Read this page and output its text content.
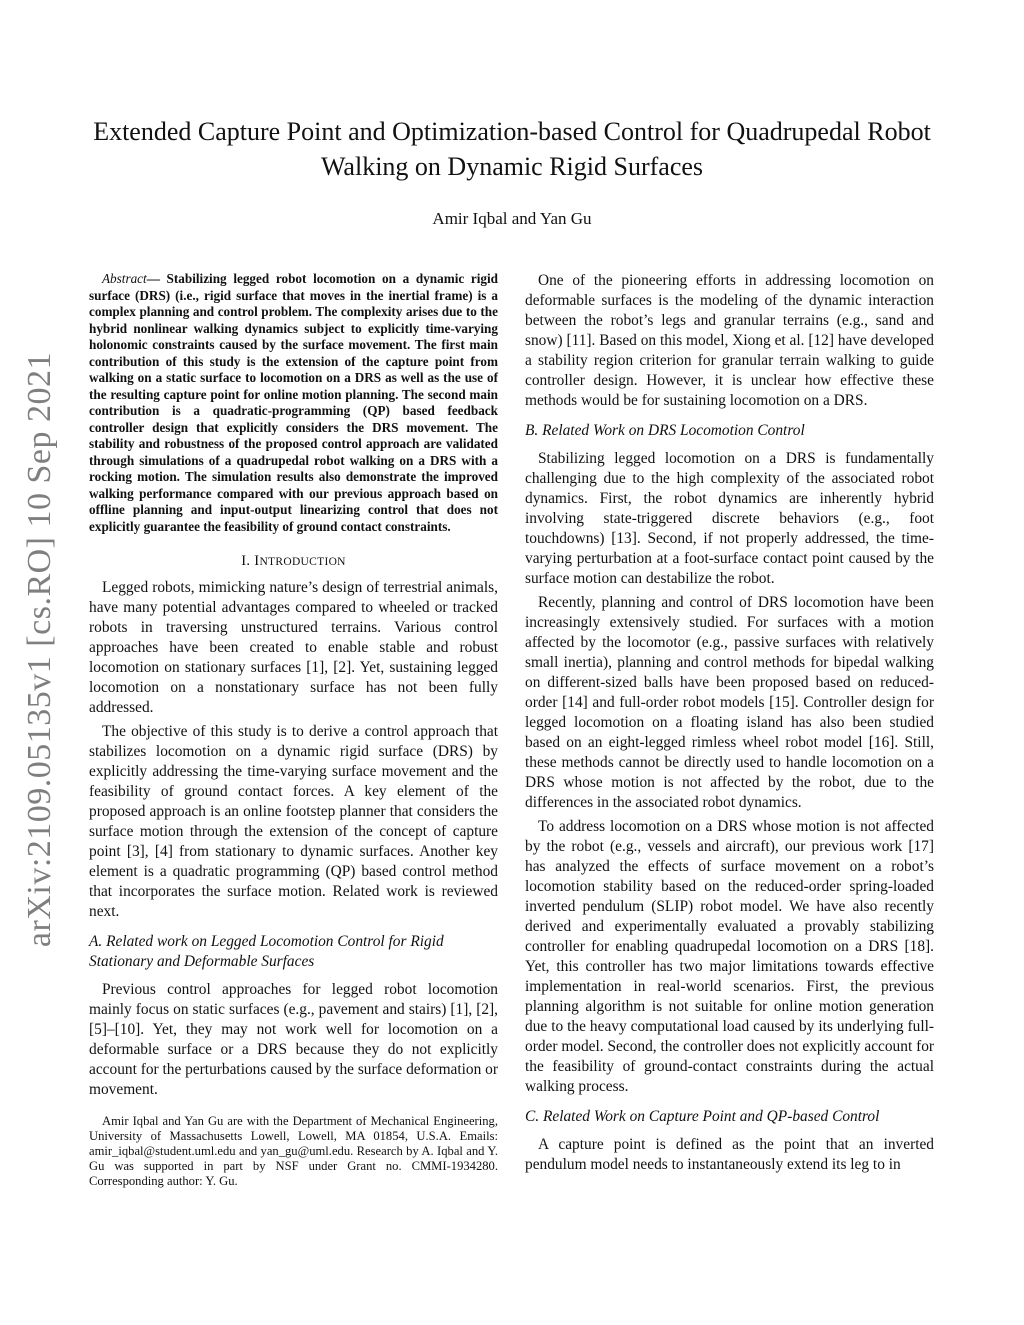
arXiv:2109.05135v1 [cs.RO] 10 Sep 2021
Extended Capture Point and Optimization-based Control for Quadrupedal Robot Walking on Dynamic Rigid Surfaces
Amir Iqbal and Yan Gu

Abstract— Stabilizing legged robot locomotion on a dynamic rigid surface (DRS) (i.e., rigid surface that moves in the inertial frame) is a complex planning and control problem. The complexity arises due to the hybrid nonlinear walking dynamics subject to explicitly time-varying holonomic constraints caused by the surface movement. The first main contribution of this study is the extension of the capture point from walking on a static surface to locomotion on a DRS as well as the use of the resulting capture point for online motion planning. The second main contribution is a quadratic-programming (QP) based feedback controller design that explicitly considers the DRS movement. The stability and robustness of the proposed control approach are validated through simulations of a quadrupedal robot walking on a DRS with a rocking motion. The simulation results also demonstrate the improved walking performance compared with our previous approach based on offline planning and input-output linearizing control that does not explicitly guarantee the feasibility of ground contact constraints.

I. INTRODUCTION

Legged robots, mimicking nature’s design of terrestrial animals, have many potential advantages compared to wheeled or tracked robots in traversing unstructured terrains. Various control approaches have been created to enable stable and robust locomotion on stationary surfaces [1], [2]. Yet, sustaining legged locomotion on a nonstationary surface has not been fully addressed.

The objective of this study is to derive a control approach that stabilizes locomotion on a dynamic rigid surface (DRS) by explicitly addressing the time-varying surface movement and the feasibility of ground contact forces. A key element of the proposed approach is an online footstep planner that considers the surface motion through the extension of the concept of capture point [3], [4] from stationary to dynamic surfaces. Another key element is a quadratic programming (QP) based control method that incorporates the surface motion. Related work is reviewed next.

A. Related work on Legged Locomotion Control for Rigid Stationary and Deformable Surfaces

Previous control approaches for legged robot locomotion mainly focus on static surfaces (e.g., pavement and stairs) [1], [2], [5]–[10]. Yet, they may not work well for locomotion on a deformable surface or a DRS because they do not explicitly account for the perturbations caused by the surface deformation or movement.

Amir Iqbal and Yan Gu are with the Department of Mechanical Engineering, University of Massachusetts Lowell, Lowell, MA 01854, U.S.A. Emails: amir_iqbal@student.uml.edu and yan_gu@uml.edu. Research by A. Iqbal and Y. Gu was supported in part by NSF under Grant no. CMMI-1934280. Corresponding author: Y. Gu.

One of the pioneering efforts in addressing locomotion on deformable surfaces is the modeling of the dynamic interaction between the robot’s legs and granular terrains (e.g., sand and snow) [11]. Based on this model, Xiong et al. [12] have developed a stability region criterion for granular terrain walking to guide controller design. However, it is unclear how effective these methods would be for sustaining locomotion on a DRS.

B. Related Work on DRS Locomotion Control

Stabilizing legged locomotion on a DRS is fundamentally challenging due to the high complexity of the associated robot dynamics. First, the robot dynamics are inherently hybrid involving state-triggered discrete behaviors (e.g., foot touchdowns) [13]. Second, if not properly addressed, the time-varying perturbation at a foot-surface contact point caused by the surface motion can destabilize the robot.

Recently, planning and control of DRS locomotion have been increasingly extensively studied. For surfaces with a motion affected by the locomotor (e.g., passive surfaces with relatively small inertia), planning and control methods for bipedal walking on different-sized balls have been proposed based on reduced-order [14] and full-order robot models [15]. Controller design for legged locomotion on a floating island has also been studied based on an eight-legged rimless wheel robot model [16]. Still, these methods cannot be directly used to handle locomotion on a DRS whose motion is not affected by the robot, due to the differences in the associated robot dynamics.

To address locomotion on a DRS whose motion is not affected by the robot (e.g., vessels and aircraft), our previous work [17] has analyzed the effects of surface movement on a robot’s locomotion stability based on the reduced-order spring-loaded inverted pendulum (SLIP) robot model. We have also recently derived and experimentally evaluated a provably stabilizing controller for enabling quadrupedal locomotion on a DRS [18]. Yet, this controller has two major limitations towards effective implementation in real-world scenarios. First, the previous planning algorithm is not suitable for online motion generation due to the heavy computational load caused by its underlying full-order model. Second, the controller does not explicitly account for the feasibility of ground-contact constraints during the actual walking process.

C. Related Work on Capture Point and QP-based Control

A capture point is defined as the point that an inverted pendulum model needs to instantaneously extend its leg to in
